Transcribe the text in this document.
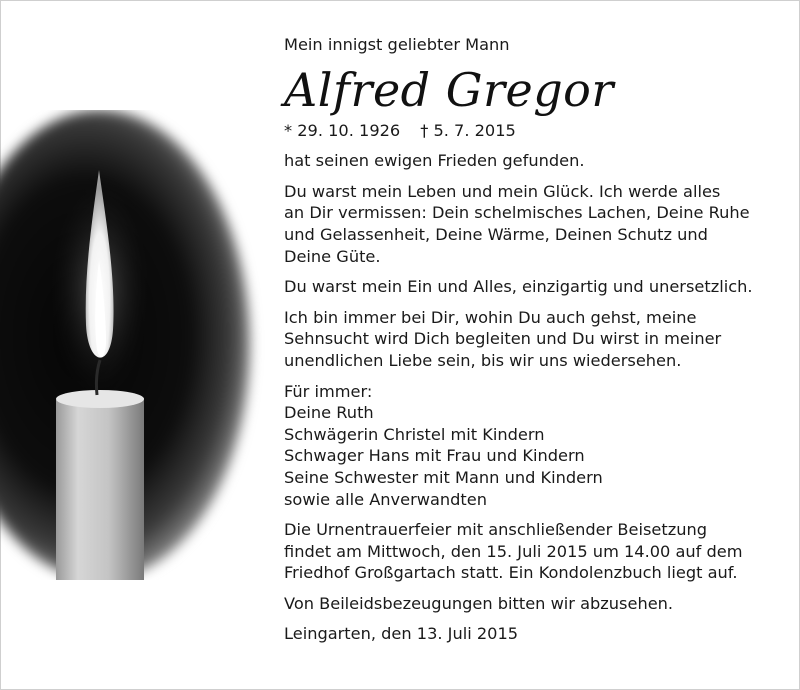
Mein innigst geliebter Mann
Alfred Gregor
* 29. 10. 1926 † 5. 7. 2015
hat seinen ewigen Frieden gefunden.
Du warst mein Leben und mein Glück. Ich werde alles
an Dir vermissen: Dein schelmisches Lachen, Deine Ruhe
und Gelassenheit, Deine Wärme, Deinen Schutz und
Deine Güte.
Du warst mein Ein und Alles, einzigartig und unersetzlich.
Ich bin immer bei Dir, wohin Du auch gehst, meine
Sehnsucht wird Dich begleiten und Du wirst in meiner
unendlichen Liebe sein, bis wir uns wiedersehen.
Für immer:
Deine Ruth
Schwägerin Christel mit Kindern
Schwager Hans mit Frau und Kindern
Seine Schwester mit Mann und Kindern
sowie alle Anverwandten
Die Urnentrauerfeier mit anschließender Beisetzung
findet am Mittwoch, den 15. Juli 2015 um 14.00 auf dem
Friedhof Großgartach statt. Ein Kondolenzbuch liegt auf.
Von Beileidsbezeugungen bitten wir abzusehen.
Leingarten, den 13. Juli 2015
